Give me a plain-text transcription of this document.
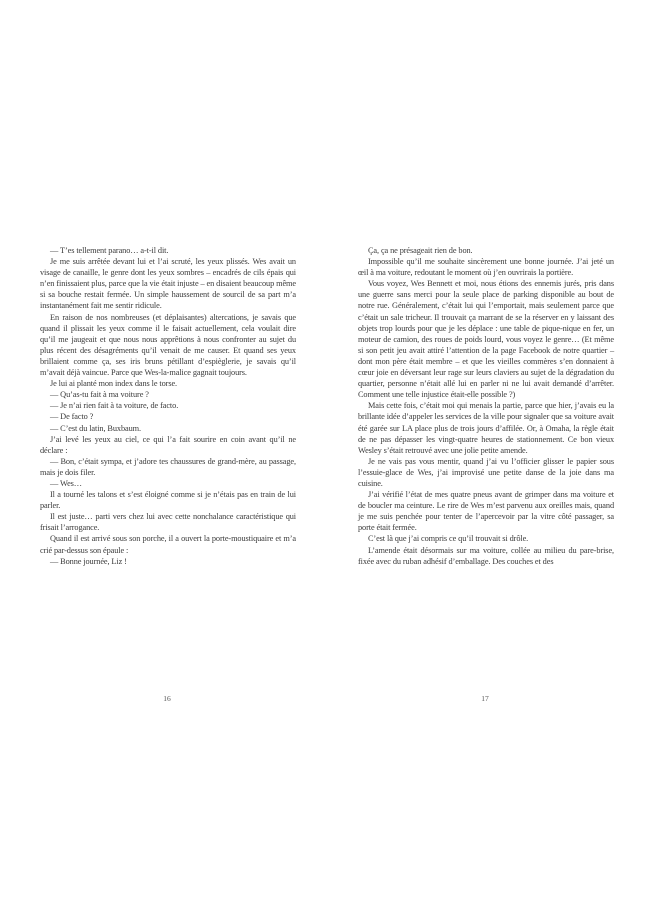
— T’es tellement parano… a-t-il dit.

Je me suis arrêtée devant lui et l’ai scruté, les yeux plissés. Wes avait un visage de canaille, le genre dont les yeux sombres – encadrés de cils épais qui n’en finissaient plus, parce que la vie était injuste – en disaient beaucoup même si sa bouche restait fermée. Un simple haussement de sourcil de sa part m’a instantanément fait me sentir ridicule.

En raison de nos nombreuses (et déplaisantes) altercations, je savais que quand il plissait les yeux comme il le faisait actuellement, cela voulait dire qu’il me jaugeait et que nous nous apprêtions à nous confronter au sujet du plus récent des désagréments qu’il venait de me causer. Et quand ses yeux brillaient comme ça, ses iris bruns pétillant d’espièglerie, je savais qu’il m’avait déjà vaincue. Parce que Wes-la-malice gagnait toujours.

Je lui ai planté mon index dans le torse.

— Qu’as-tu fait à ma voiture ?

— Je n’ai rien fait à ta voiture, de facto.

— De facto ?

— C’est du latin, Buxbaum.

J’ai levé les yeux au ciel, ce qui l’a fait sourire en coin avant qu’il ne déclare :

— Bon, c’était sympa, et j’adore tes chaussures de grand-mère, au passage, mais je dois filer.

— Wes…

Il a tourné les talons et s’est éloigné comme si je n’étais pas en train de lui parler.

Il est juste… parti vers chez lui avec cette nonchalance caractéristique qui frisait l’arrogance.

Quand il est arrivé sous son porche, il a ouvert la porte-moustiquaire et m’a crié par-dessus son épaule :

— Bonne journée, Liz !

16

Ça, ça ne présageait rien de bon.

Impossible qu’il me souhaite sincèrement une bonne journée. J’ai jeté un œil à ma voiture, redoutant le moment où j’en ouvrirais la portière.

Vous voyez, Wes Bennett et moi, nous étions des ennemis jurés, pris dans une guerre sans merci pour la seule place de parking disponible au bout de notre rue. Généralement, c’était lui qui l’emportait, mais seulement parce que c’était un sale tricheur. Il trouvait ça marrant de se la réserver en y laissant des objets trop lourds pour que je les déplace : une table de pique-nique en fer, un moteur de camion, des roues de poids lourd, vous voyez le genre… (Et même si son petit jeu avait attiré l’attention de la page Facebook de notre quartier – dont mon père était membre – et que les vieilles commères s’en donnaient à cœur joie en déversant leur rage sur leurs claviers au sujet de la dégradation du quartier, personne n’était allé lui en parler ni ne lui avait demandé d’arrêter. Comment une telle injustice était-elle possible ?)

Mais cette fois, c’était moi qui menais la partie, parce que hier, j’avais eu la brillante idée d’appeler les services de la ville pour signaler que sa voiture avait été garée sur LA place plus de trois jours d’affilée. Or, à Omaha, la règle était de ne pas dépasser les vingt-quatre heures de stationnement. Ce bon vieux Wesley s’était retrouvé avec une jolie petite amende.

Je ne vais pas vous mentir, quand j’ai vu l’officier glisser le papier sous l’essuie-glace de Wes, j’ai improvisé une petite danse de la joie dans ma cuisine.

J’ai vérifié l’état de mes quatre pneus avant de grimper dans ma voiture et de boucler ma ceinture. Le rire de Wes m’est parvenu aux oreilles mais, quand je me suis penchée pour tenter de l’apercevoir par la vitre côté passager, sa porte était fermée.

C’est là que j’ai compris ce qu’il trouvait si drôle.

L’amende était désormais sur ma voiture, collée au milieu du pare-brise, fixée avec du ruban adhésif d’emballage. Des couches et des

17
